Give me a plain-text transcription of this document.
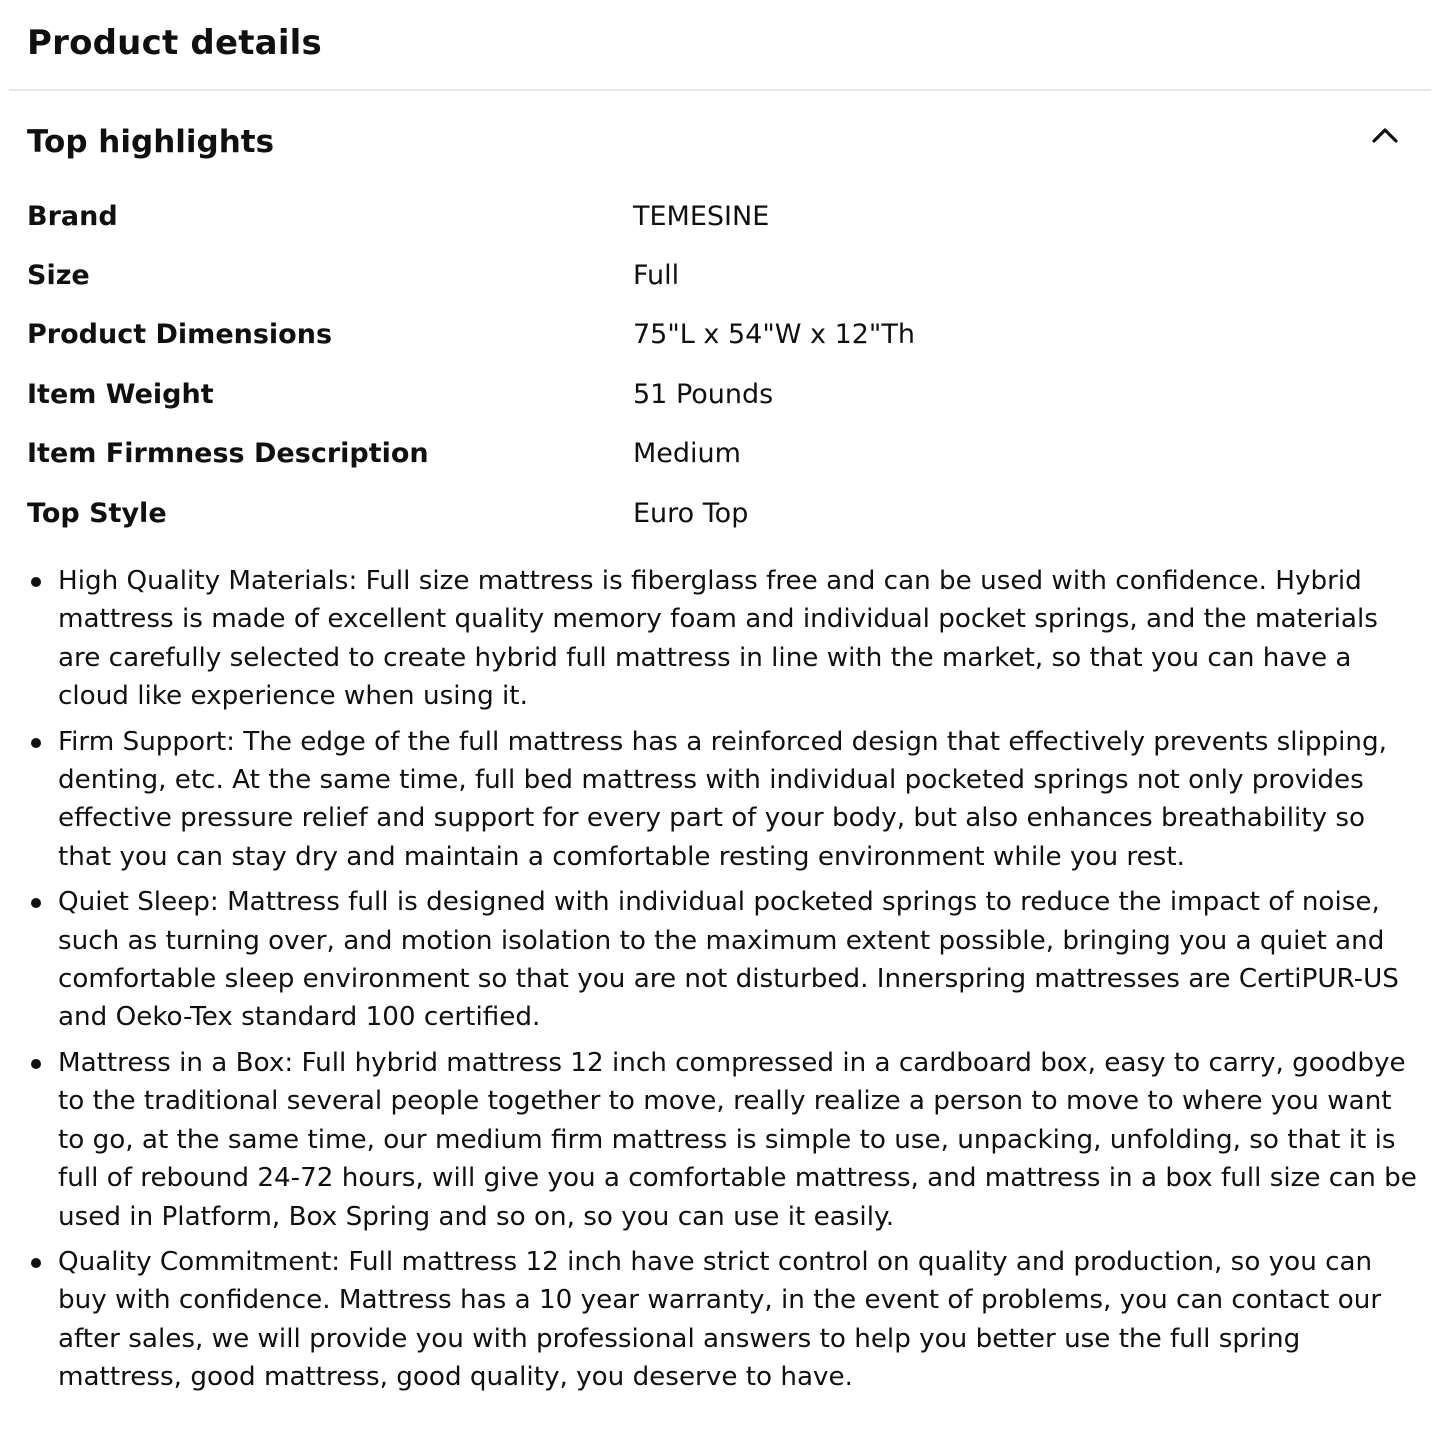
Product details
Top highlights
Brand	TEMESINE
Size	Full
Product Dimensions	75"L x 54"W x 12"Th
Item Weight	51 Pounds
Item Firmness Description	Medium
Top Style	Euro Top
High Quality Materials: Full size mattress is fiberglass free and can be used with confidence. Hybrid mattress is made of excellent quality memory foam and individual pocket springs, and the materials are carefully selected to create hybrid full mattress in line with the market, so that you can have a cloud like experience when using it.
Firm Support: The edge of the full mattress has a reinforced design that effectively prevents slipping, denting, etc. At the same time, full bed mattress with individual pocketed springs not only provides effective pressure relief and support for every part of your body, but also enhances breathability so that you can stay dry and maintain a comfortable resting environment while you rest.
Quiet Sleep: Mattress full is designed with individual pocketed springs to reduce the impact of noise, such as turning over, and motion isolation to the maximum extent possible, bringing you a quiet and comfortable sleep environment so that you are not disturbed. Innerspring mattresses are CertiPUR-US and Oeko-Tex standard 100 certified.
Mattress in a Box: Full hybrid mattress 12 inch compressed in a cardboard box, easy to carry, goodbye to the traditional several people together to move, really realize a person to move to where you want to go, at the same time, our medium firm mattress is simple to use, unpacking, unfolding, so that it is full of rebound 24-72 hours, will give you a comfortable mattress, and mattress in a box full size can be used in Platform, Box Spring and so on, so you can use it easily.
Quality Commitment: Full mattress 12 inch have strict control on quality and production, so you can buy with confidence. Mattress has a 10 year warranty, in the event of problems, you can contact our after sales, we will provide you with professional answers to help you better use the full spring mattress, good mattress, good quality, you deserve to have.
